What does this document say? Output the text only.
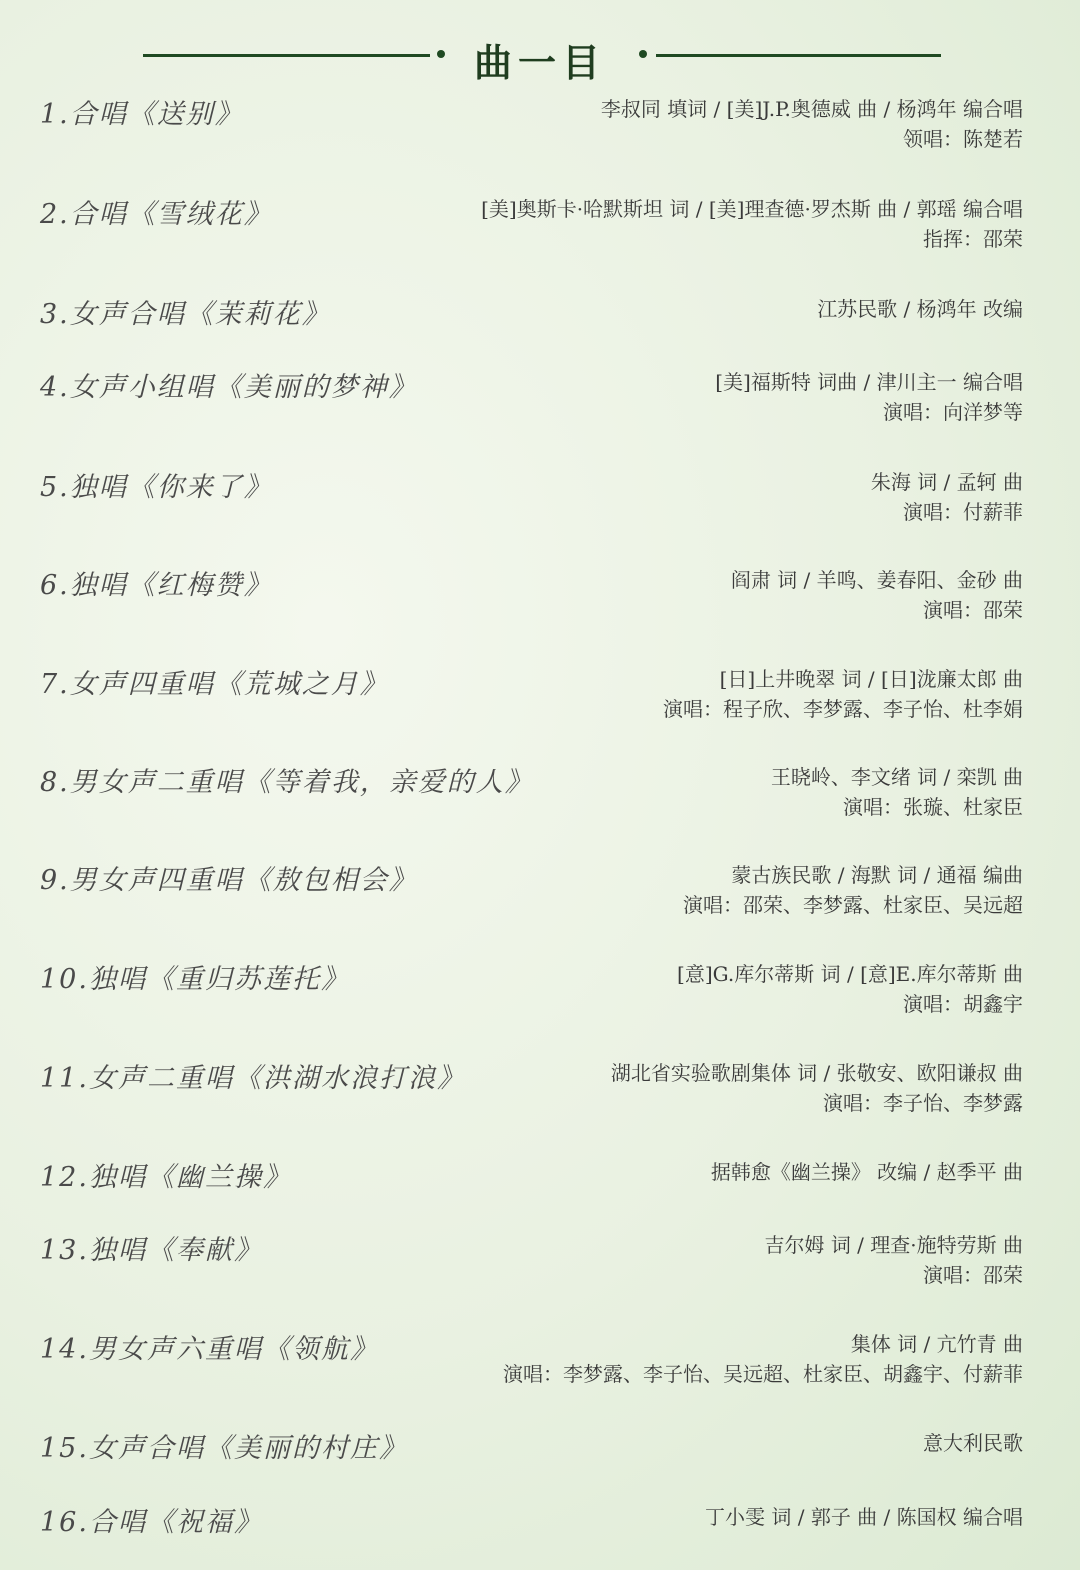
曲一目
1.合唱《送别》	李叔同 填词 / [美]J.P.奥德威 曲 / 杨鸿年 编合唱
领唱：陈楚若
2.合唱《雪绒花》	[美]奥斯卡·哈默斯坦 词 / [美]理查德·罗杰斯 曲 / 郭瑶 编合唱
指挥：邵荣
3.女声合唱《茉莉花》	江苏民歌 / 杨鸿年 改编
4.女声小组唱《美丽的梦神》	[美]福斯特 词曲 / 津川主一 编合唱
演唱：向洋梦等
5.独唱《你来了》	朱海 词 / 孟轲 曲
演唱：付薪菲
6.独唱《红梅赞》	阎肃 词 / 羊鸣、姜春阳、金砂 曲
演唱：邵荣
7.女声四重唱《荒城之月》	[日]上井晚翠 词 / [日]泷廉太郎 曲
演唱：程子欣、李梦露、李子怡、杜李娟
8.男女声二重唱《等着我，亲爱的人》	王晓岭、李文绪 词 / 栾凯 曲
演唱：张璇、杜家臣
9.男女声四重唱《敖包相会》	蒙古族民歌 / 海默 词 / 通福 编曲
演唱：邵荣、李梦露、杜家臣、吴远超
10.独唱《重归苏莲托》	[意]G.库尔蒂斯 词 / [意]E.库尔蒂斯 曲
演唱：胡鑫宇
11.女声二重唱《洪湖水浪打浪》	湖北省实验歌剧集体 词 / 张敬安、欧阳谦叔 曲
演唱：李子怡、李梦露
12.独唱《幽兰操》	据韩愈《幽兰操》 改编 / 赵季平 曲
13.独唱《奉献》	吉尔姆 词 / 理查·施特劳斯 曲
演唱：邵荣
14.男女声六重唱《领航》	集体 词 / 亢竹青 曲
演唱：李梦露、李子怡、吴远超、杜家臣、胡鑫宇、付薪菲
15.女声合唱《美丽的村庄》	意大利民歌
16.合唱《祝福》	丁小雯 词 / 郭子 曲 / 陈国权 编合唱
